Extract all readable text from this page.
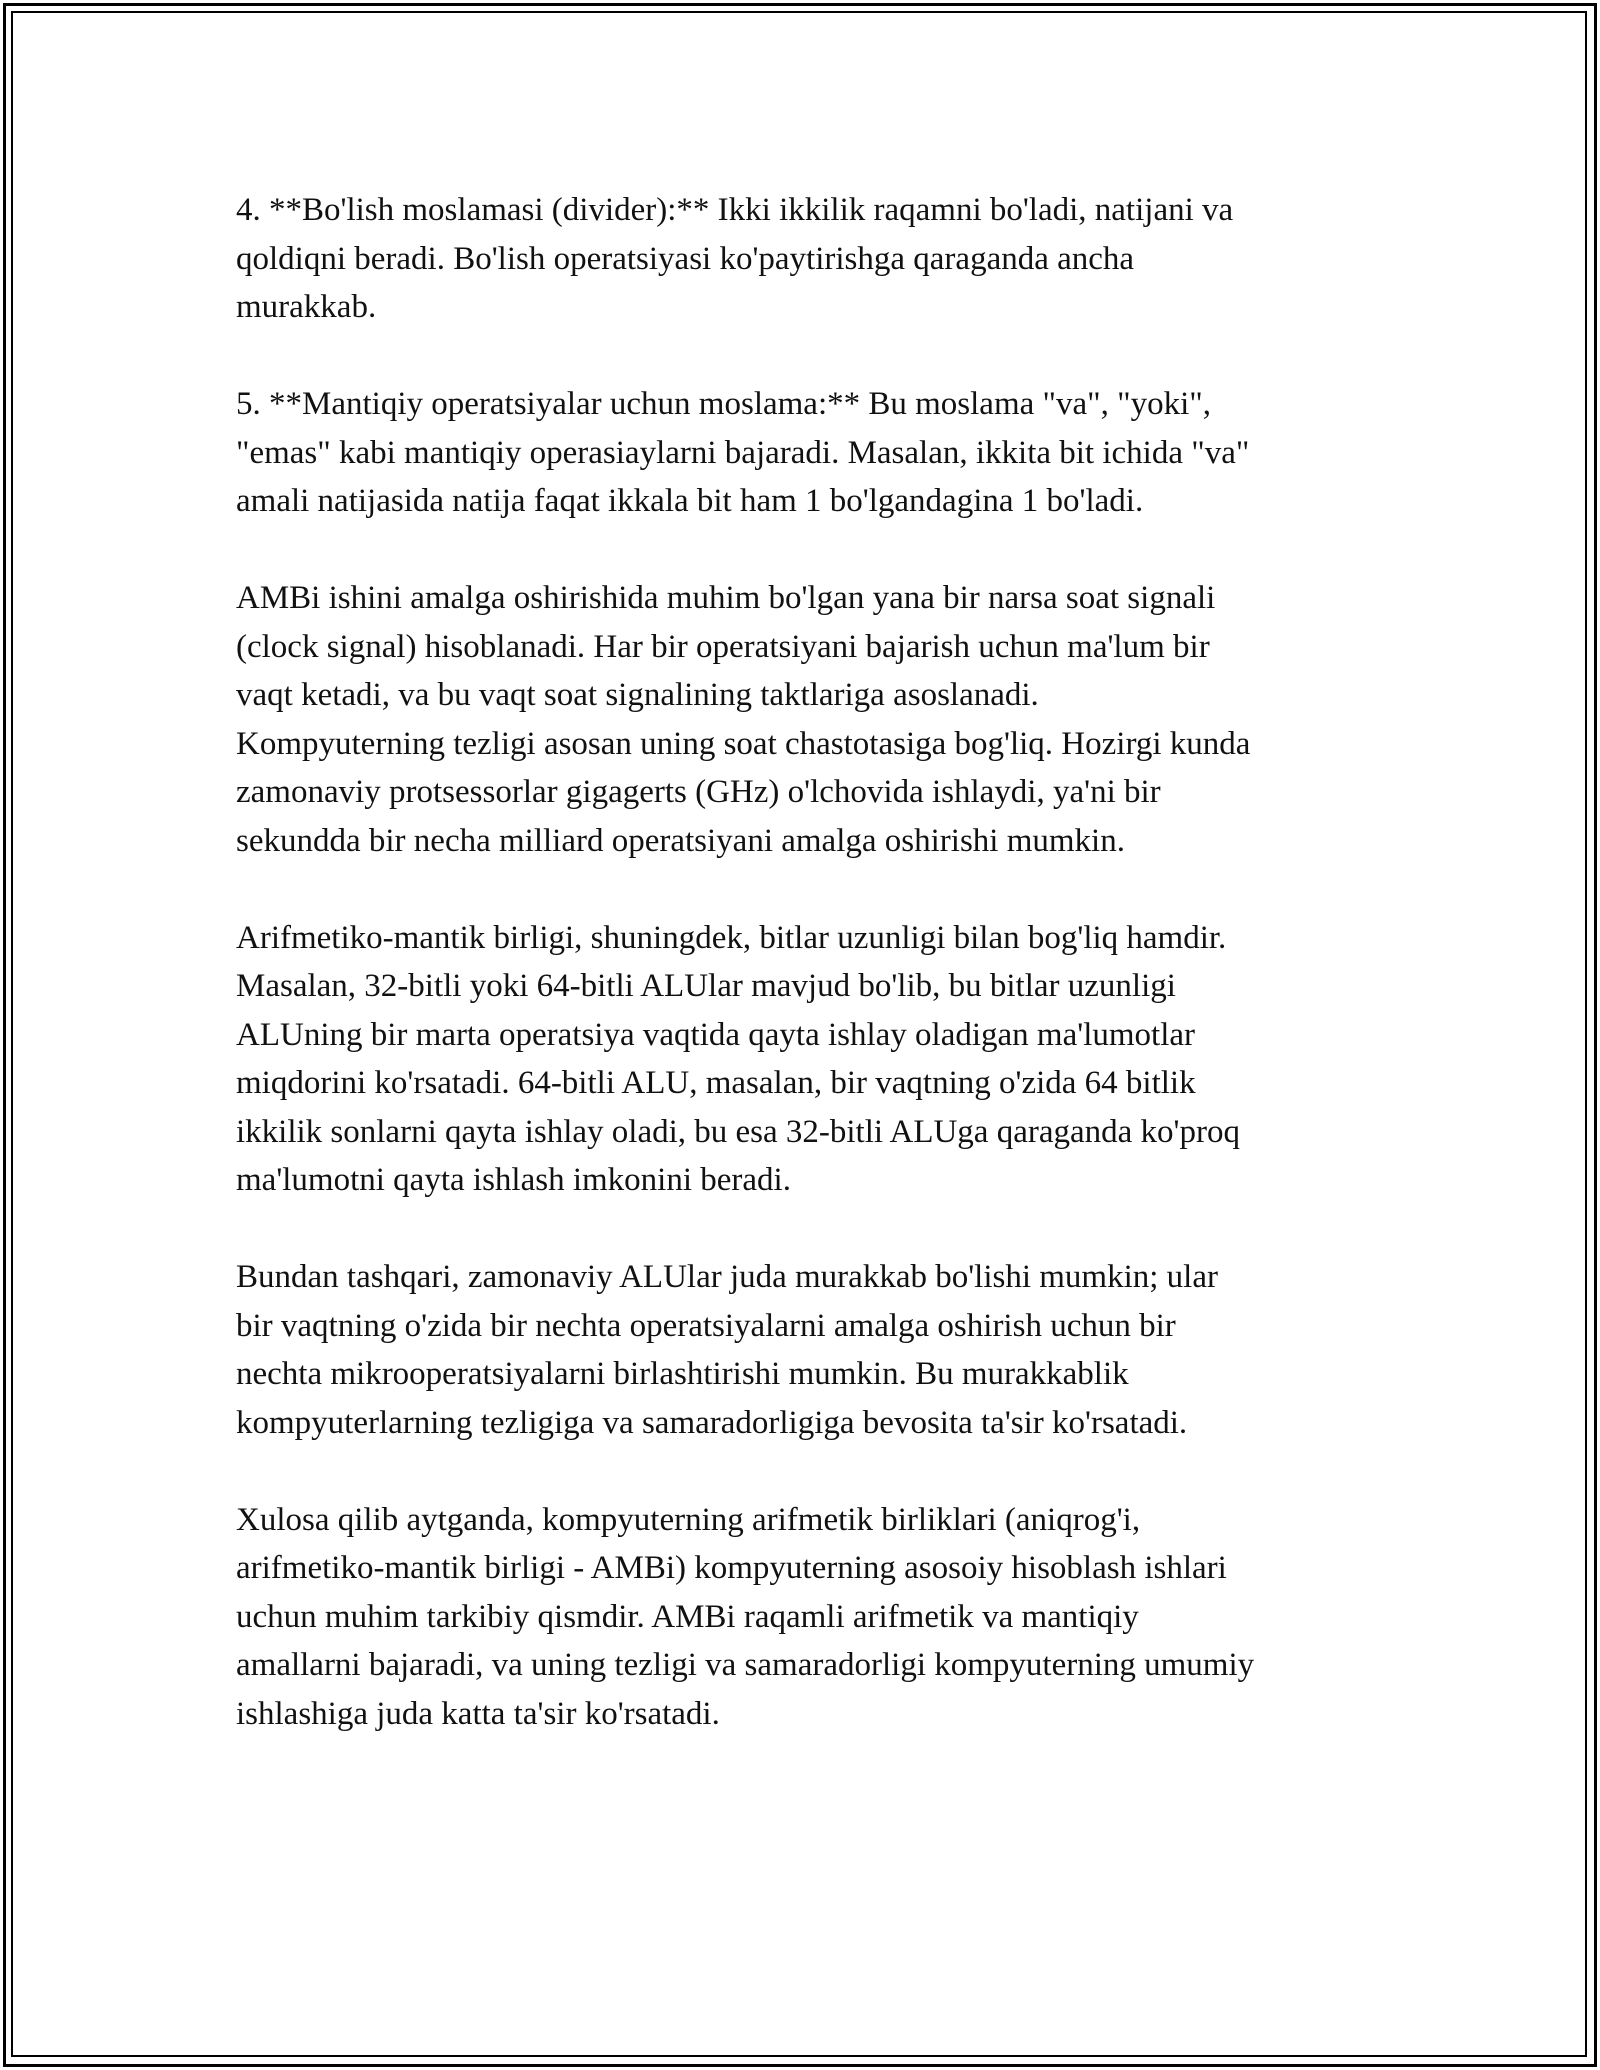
4. **Bo'lish moslamasi (divider):** Ikki ikkilik raqamni bo'ladi, natijani va
qoldiqni beradi. Bo'lish operatsiyasi ko'paytirishga qaraganda ancha
murakkab.

5. **Mantiqiy operatsiyalar uchun moslama:** Bu moslama "va", "yoki",
"emas" kabi mantiqiy operasiaylarni bajaradi. Masalan, ikkita bit ichida "va"
amali natijasida natija faqat ikkala bit ham 1 bo'lgandagina 1 bo'ladi.

AMBi ishini amalga oshirishida muhim bo'lgan yana bir narsa soat signali
(clock signal) hisoblanadi. Har bir operatsiyani bajarish uchun ma'lum bir
vaqt ketadi, va bu vaqt soat signalining taktlariga asoslanadi.
Kompyuterning tezligi asosan uning soat chastotasiga bog'liq. Hozirgi kunda
zamonaviy protsessorlar gigagerts (GHz) o'lchovida ishlaydi, ya'ni bir
sekundda bir necha milliard operatsiyani amalga oshirishi mumkin.

Arifmetiko-mantik birligi, shuningdek, bitlar uzunligi bilan bog'liq hamdir.
Masalan, 32-bitli yoki 64-bitli ALUlar mavjud bo'lib, bu bitlar uzunligi
ALUning bir marta operatsiya vaqtida qayta ishlay oladigan ma'lumotlar
miqdorini ko'rsatadi. 64-bitli ALU, masalan, bir vaqtning o'zida 64 bitlik
ikkilik sonlarni qayta ishlay oladi, bu esa 32-bitli ALUga qaraganda ko'proq
ma'lumotni qayta ishlash imkonini beradi.

Bundan tashqari, zamonaviy ALUlar juda murakkab bo'lishi mumkin; ular
bir vaqtning o'zida bir nechta operatsiyalarni amalga oshirish uchun bir
nechta mikrooperatsiyalarni birlashtirishi mumkin. Bu murakkablik
kompyuterlarning tezligiga va samaradorligiga bevosita ta'sir ko'rsatadi.

Xulosa qilib aytganda, kompyuterning arifmetik birliklari (aniqrog'i,
arifmetiko-mantik birligi - AMBi) kompyuterning asosoiy hisoblash ishlari
uchun muhim tarkibiy qismdir. AMBi raqamli arifmetik va mantiqiy
amallarni bajaradi, va uning tezligi va samaradorligi kompyuterning umumiy
ishlashiga juda katta ta'sir ko'rsatadi.
